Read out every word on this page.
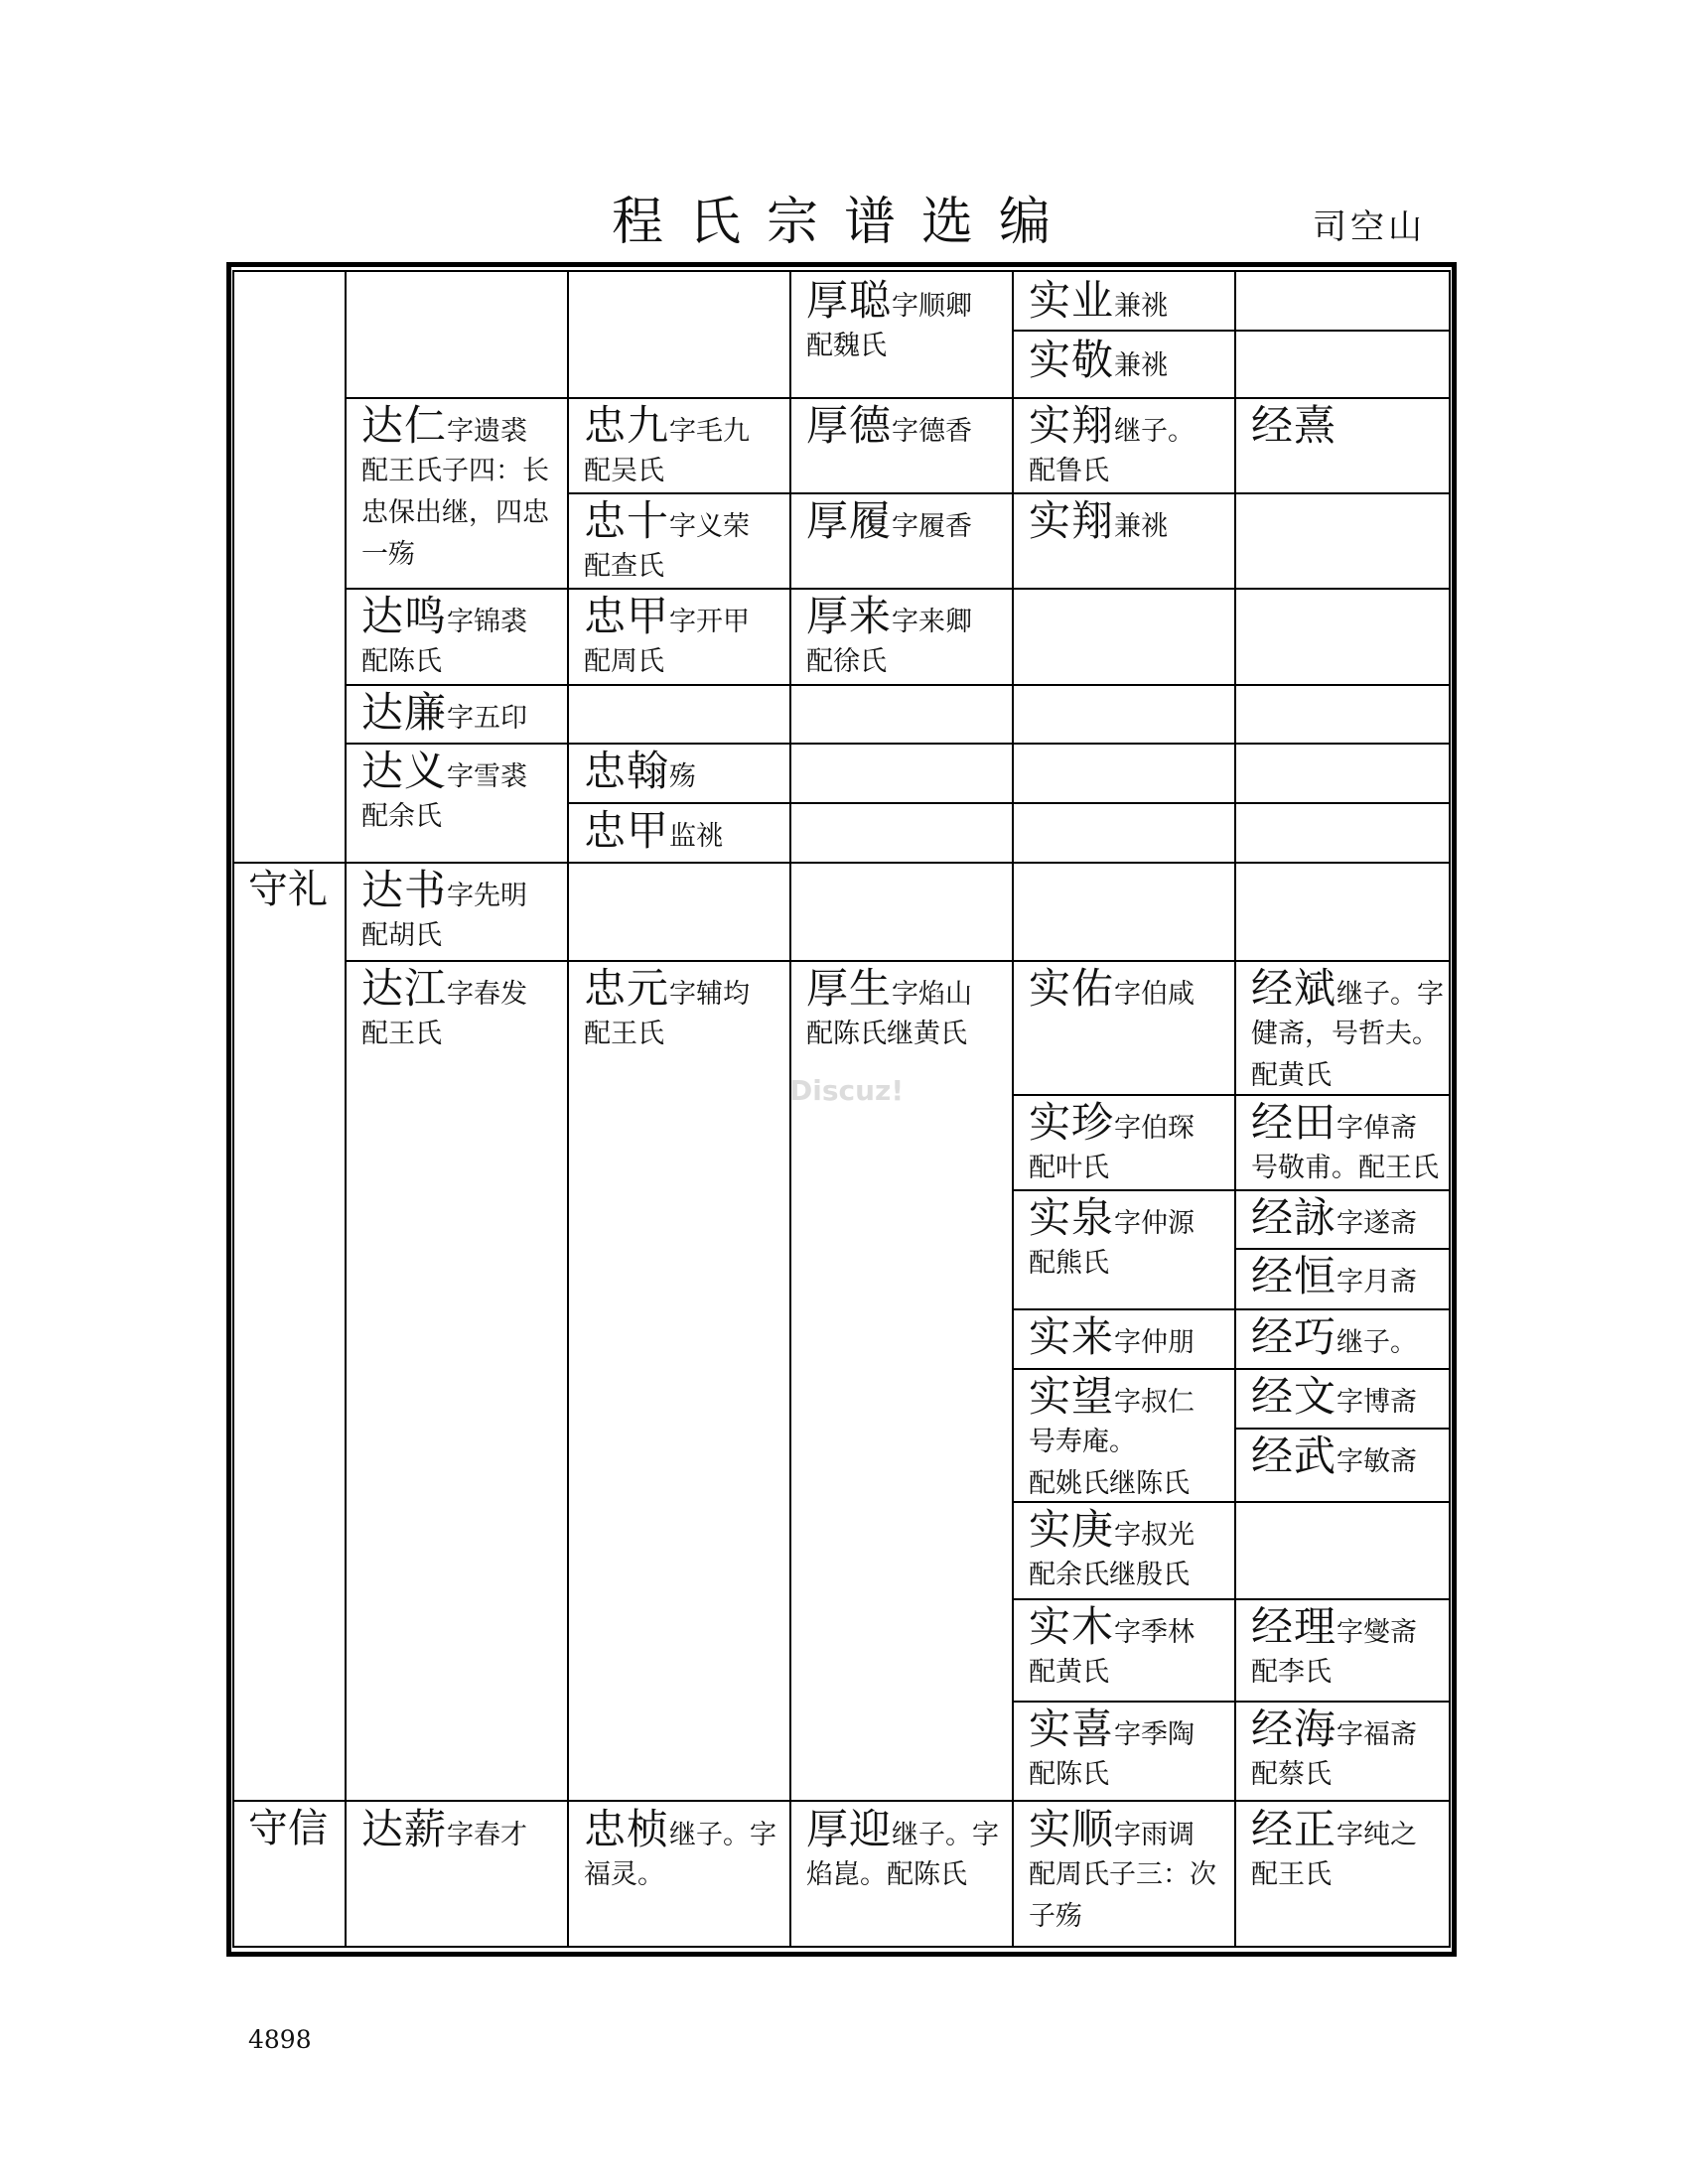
程氏宗谱选编	司空山
守礼
守信
厚聪字顺卿
配魏氏
实业兼祧
实敬兼祧
达仁字遗裘
配王氏子四：长
忠保出继，四忠
一殇
忠九字毛九
配吴氏
厚德字德香 实翔继子。
配鲁氏
经熹
忠十字义荣
配查氏
厚履字履香 实翔兼祧
达鸣字锦裘
配陈氏
忠甲字开甲
配周氏
厚来字来卿
配徐氏
达廉字五印
达义字雪裘
配余氏
忠翰殇
忠甲监祧
达书字先明
配胡氏
达江字春发
配王氏
忠元字辅均
配王氏
厚生字焰山
配陈氏继黄氏
实佑字伯咸 经斌继子。字
健斋，号哲夫。
配黄氏
实珍字伯琛
配叶氏
经田字倬斋
号敬甫。配王氏
实泉字仲源
配熊氏
经詠字遂斋
经恒字月斋
实来字仲朋 经巧继子。
实望字叔仁
号寿庵。
配姚氏继陈氏
经文字博斋
经武字敏斋
实庚字叔光
配余氏继殷氏
实木字季林
配黄氏
经理字燮斋
配李氏
实喜字季陶
配陈氏
经海字福斋
配蔡氏
达薪字春才 忠桢继子。字
福灵。
厚迎继子。字
焰崑。配陈氏
实顺字雨调
配周氏子三：次
子殇
经正字纯之
配王氏
Discuz!
4898
